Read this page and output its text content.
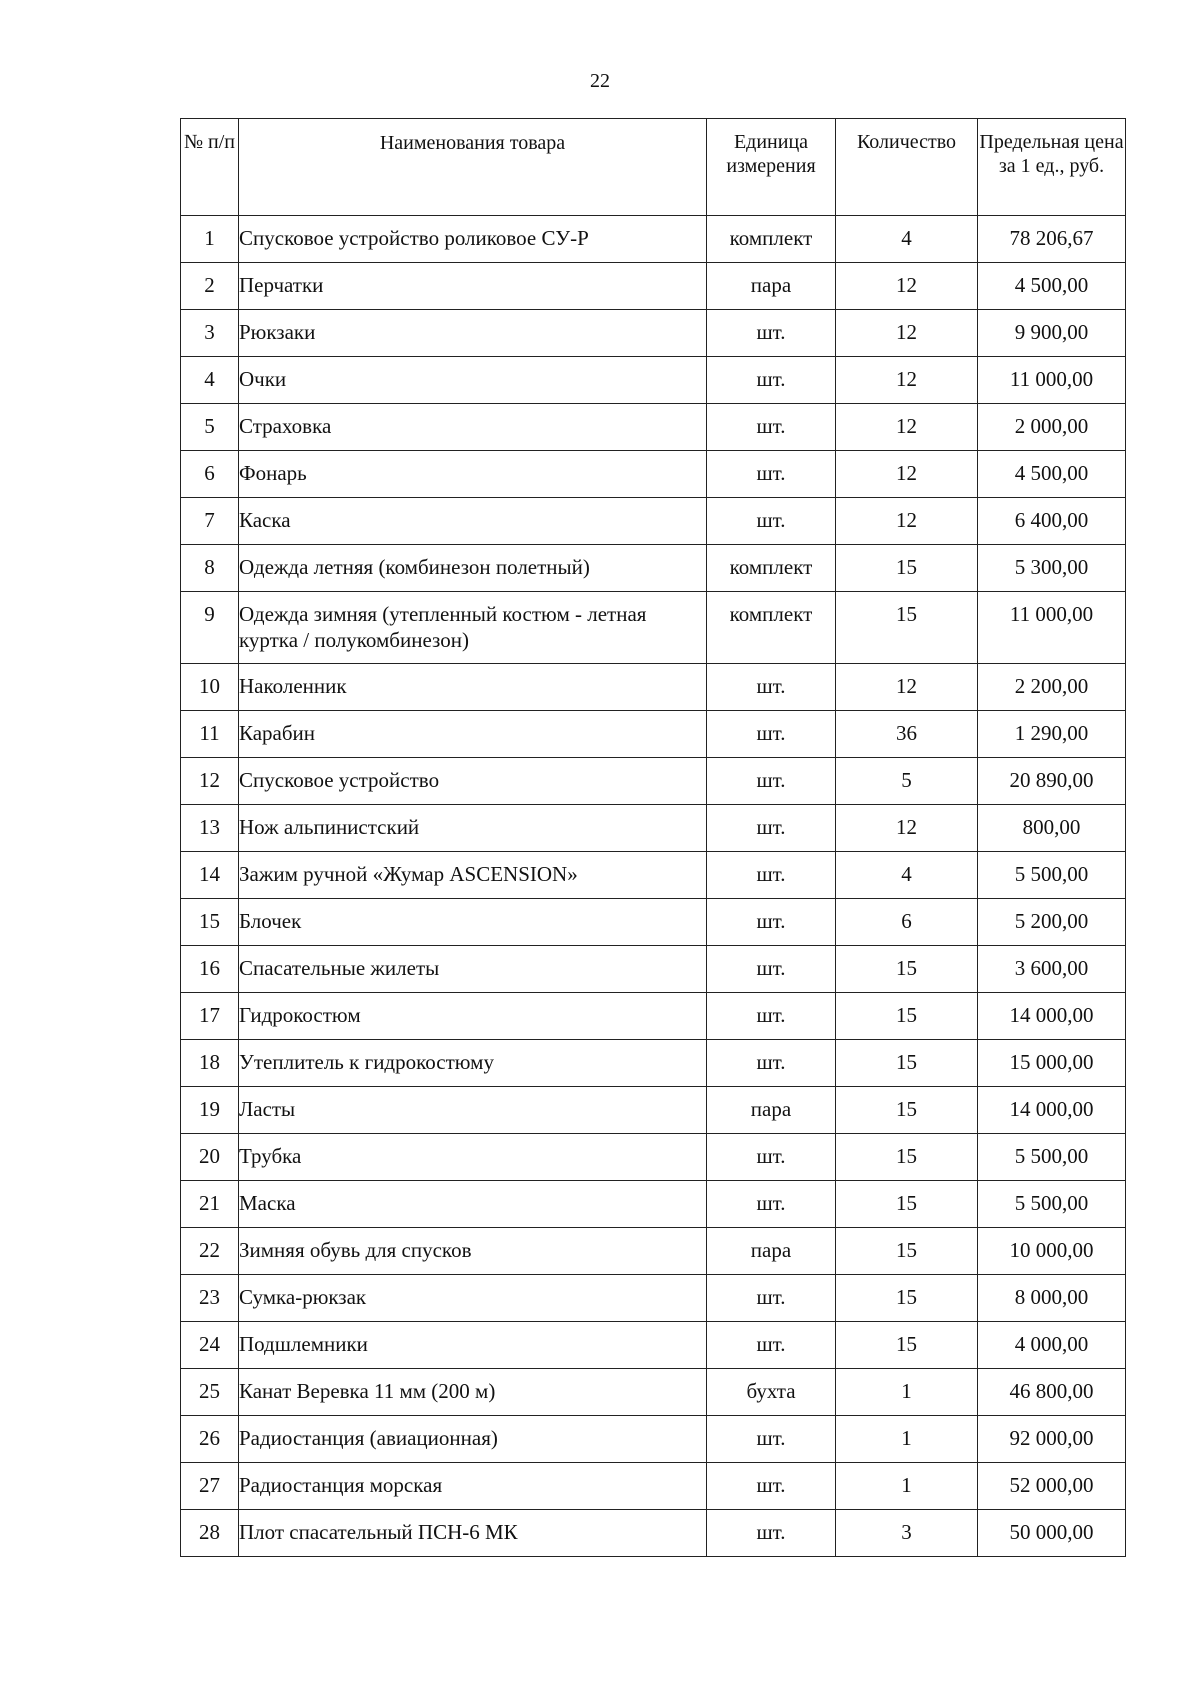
22
№ п/п	Наименования товара	Единица измерения	Количество	Предельная цена за 1 ед., руб.
1	Спусковое устройство роликовое СУ-Р	комплект	4	78 206,67
2	Перчатки	пара	12	4 500,00
3	Рюкзаки	шт.	12	9 900,00
4	Очки	шт.	12	11 000,00
5	Страховка	шт.	12	2 000,00
6	Фонарь	шт.	12	4 500,00
7	Каска	шт.	12	6 400,00
8	Одежда летняя (комбинезон полетный)	комплект	15	5 300,00
9	Одежда зимняя (утепленный костюм - летная куртка / полукомбинезон)	комплект	15	11 000,00
10	Наколенник	шт.	12	2 200,00
11	Карабин	шт.	36	1 290,00
12	Спусковое устройство	шт.	5	20 890,00
13	Нож альпинистский	шт.	12	800,00
14	Зажим ручной «Жумар ASCENSION»	шт.	4	5 500,00
15	Блочек	шт.	6	5 200,00
16	Спасательные жилеты	шт.	15	3 600,00
17	Гидрокостюм	шт.	15	14 000,00
18	Утеплитель к гидрокостюму	шт.	15	15 000,00
19	Ласты	пара	15	14 000,00
20	Трубка	шт.	15	5 500,00
21	Маска	шт.	15	5 500,00
22	Зимняя обувь для спусков	пара	15	10 000,00
23	Сумка-рюкзак	шт.	15	8 000,00
24	Подшлемники	шт.	15	4 000,00
25	Канат Веревка 11 мм (200 м)	бухта	1	46 800,00
26	Радиостанция (авиационная)	шт.	1	92 000,00
27	Радиостанция морская	шт.	1	52 000,00
28	Плот спасательный ПСН-6 МК	шт.	3	50 000,00
